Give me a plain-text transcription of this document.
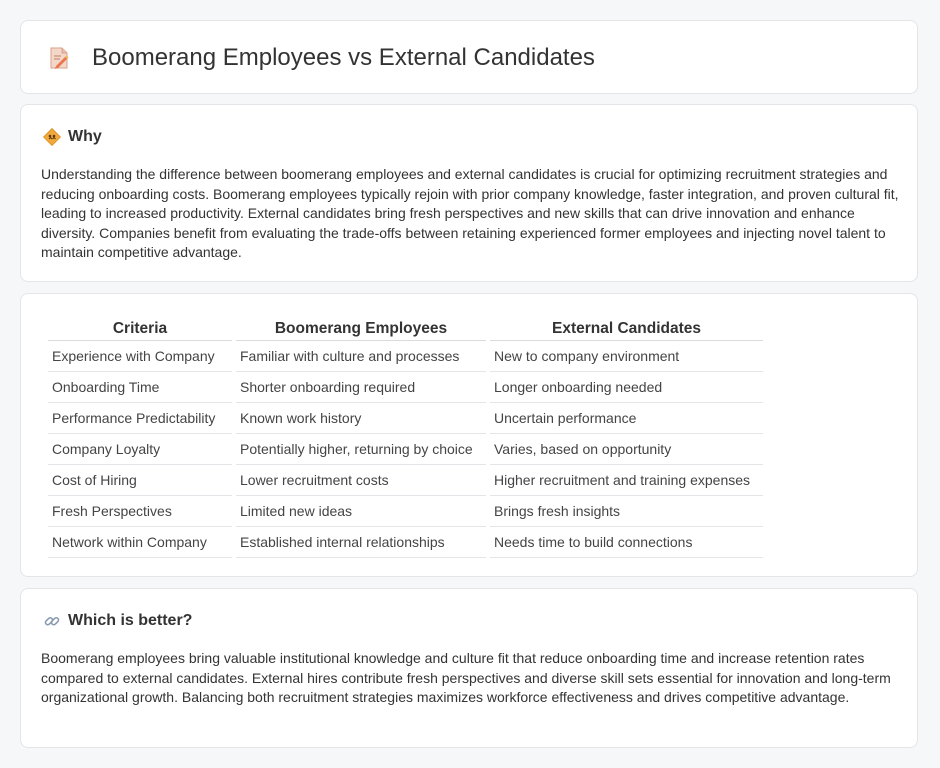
Boomerang Employees vs External Candidates
Why

Understanding the difference between boomerang employees and external candidates is crucial for optimizing recruitment strategies and reducing onboarding costs. Boomerang employees typically rejoin with prior company knowledge, faster integration, and proven cultural fit, leading to increased productivity. External candidates bring fresh perspectives and new skills that can drive innovation and enhance diversity. Companies benefit from evaluating the trade-offs between retaining experienced former employees and injecting novel talent to maintain competitive advantage.

Criteria	Boomerang Employees	External Candidates
Experience with Company	Familiar with culture and processes	New to company environment
Onboarding Time	Shorter onboarding required	Longer onboarding needed
Performance Predictability	Known work history	Uncertain performance
Company Loyalty	Potentially higher, returning by choice	Varies, based on opportunity
Cost of Hiring	Lower recruitment costs	Higher recruitment and training expenses
Fresh Perspectives	Limited new ideas	Brings fresh insights
Network within Company	Established internal relationships	Needs time to build connections
Which is better?

Boomerang employees bring valuable institutional knowledge and culture fit that reduce onboarding time and increase retention rates compared to external candidates. External hires contribute fresh perspectives and diverse skill sets essential for innovation and long-term organizational growth. Balancing both recruitment strategies maximizes workforce effectiveness and drives competitive advantage.
